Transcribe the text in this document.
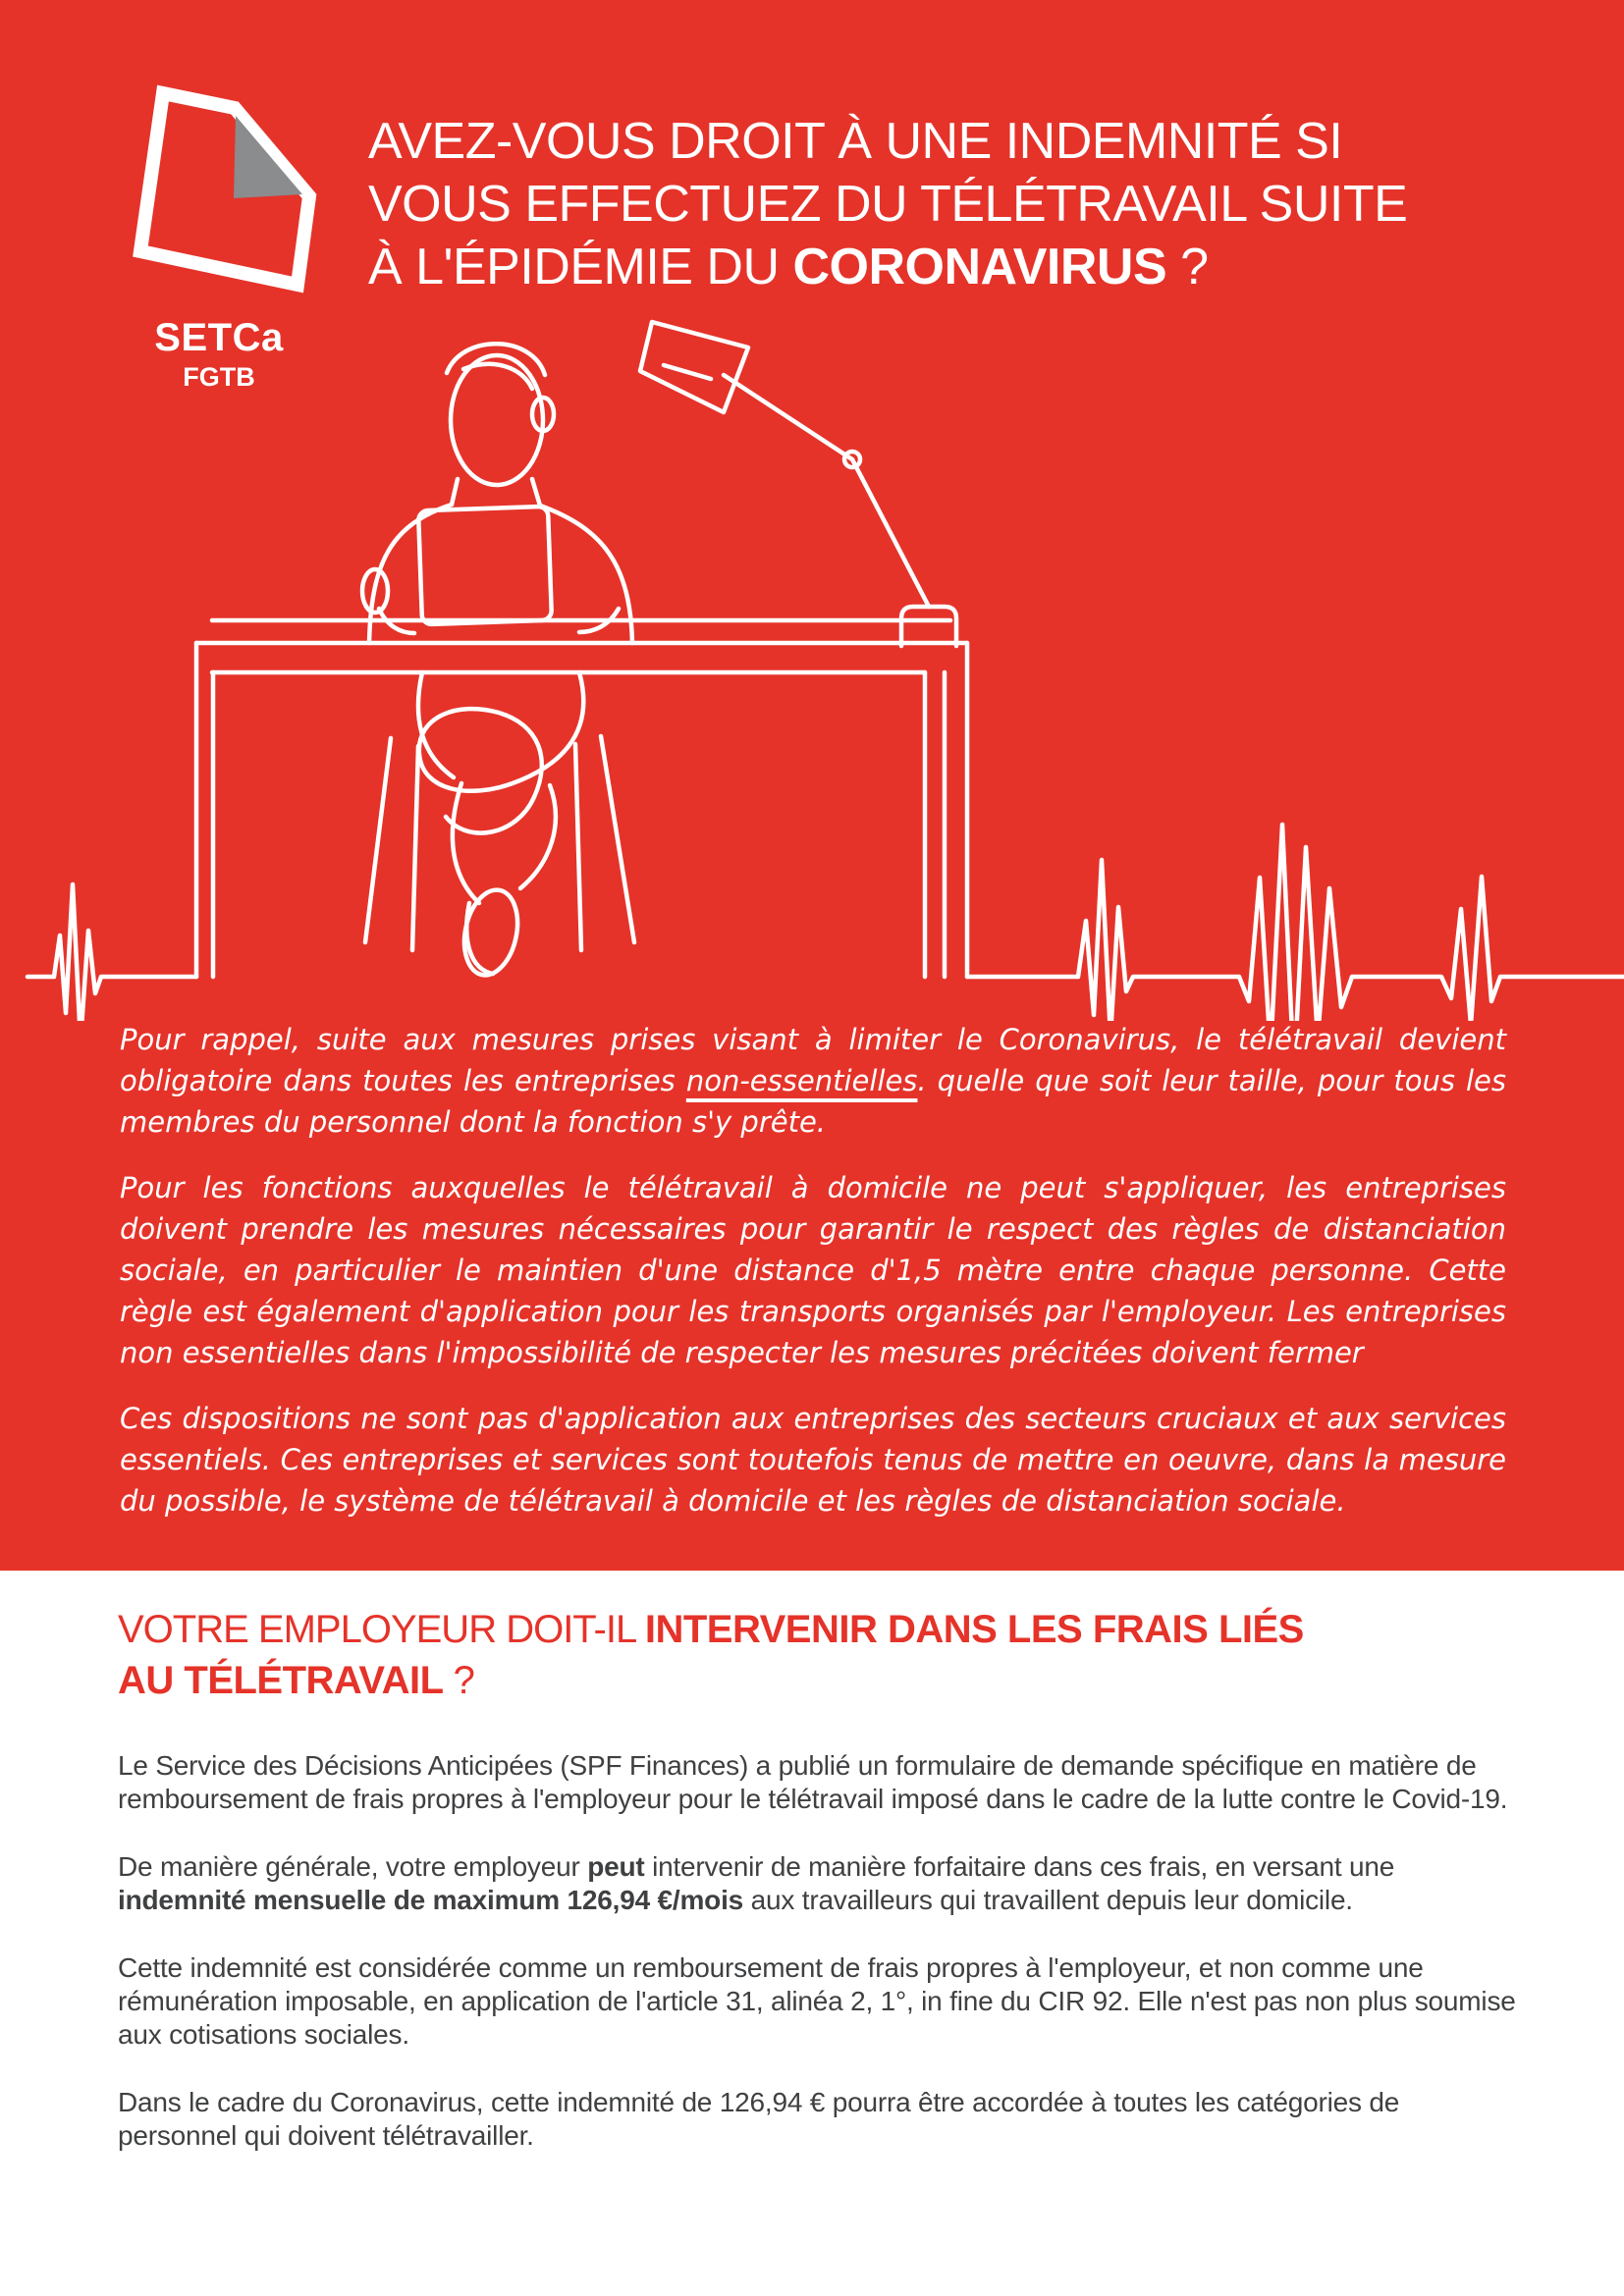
SETCa
FGTB
AVEZ-VOUS DROIT À UNE INDEMNITÉ SI
VOUS EFFECTUEZ DU TÉLÉTRAVAIL SUITE
À L'ÉPIDÉMIE DU CORONAVIRUS ?

Pour rappel, suite aux mesures prises visant à limiter le Coronavirus, le télétravail devient obligatoire dans toutes les entreprises non-essentielles. quelle que soit leur taille, pour tous les membres du personnel dont la fonction s'y prête.

Pour les fonctions auxquelles le télétravail à domicile ne peut s'appliquer, les entreprises doivent prendre les mesures nécessaires pour garantir le respect des règles de distanciation sociale, en particulier le maintien d'une distance d'1,5 mètre entre chaque personne. Cette règle est également d'application pour les transports organisés par l'employeur. Les entreprises non essentielles dans l'impossibilité de respecter les mesures précitées doivent fermer

Ces dispositions ne sont pas d'application aux entreprises des secteurs cruciaux et aux services essentiels. Ces entreprises et services sont toutefois tenus de mettre en oeuvre, dans la mesure du possible, le système de télétravail à domicile et les règles de distanciation sociale.

VOTRE EMPLOYEUR DOIT-IL INTERVENIR DANS LES FRAIS LIÉS
AU TÉLÉTRAVAIL ?

Le Service des Décisions Anticipées (SPF Finances) a publié un formulaire de demande spécifique en matière de remboursement de frais propres à l'employeur pour le télétravail imposé dans le cadre de la lutte contre le Covid-19.

De manière générale, votre employeur peut intervenir de manière forfaitaire dans ces frais, en versant une indemnité mensuelle de maximum 126,94 €/mois aux travailleurs qui travaillent depuis leur domicile.

Cette indemnité est considérée comme un remboursement de frais propres à l'employeur, et non comme une rémunération imposable, en application de l'article 31, alinéa 2, 1°, in fine du CIR 92. Elle n'est pas non plus soumise aux cotisations sociales.

Dans le cadre du Coronavirus, cette indemnité de 126,94 € pourra être accordée à toutes les catégories de personnel qui doivent télétravailler.
